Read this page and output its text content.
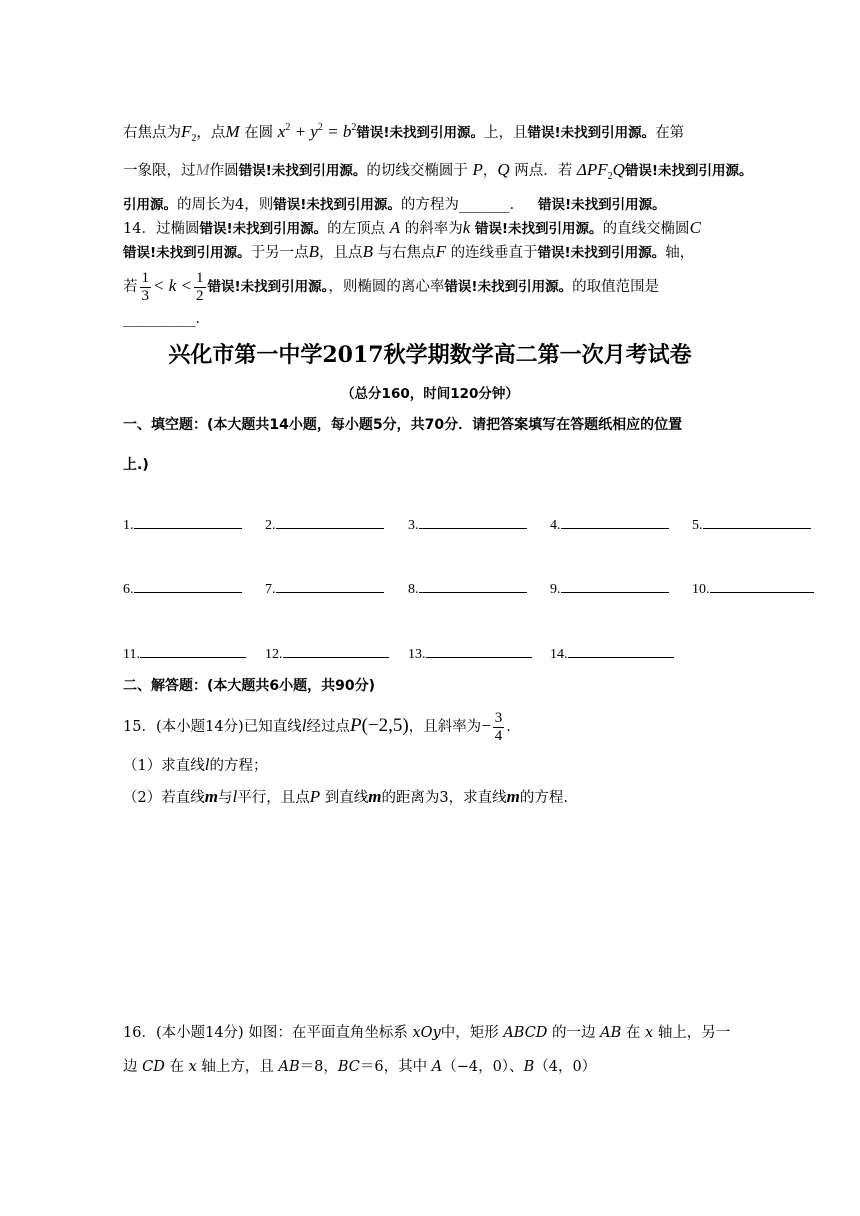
右焦点为$F_2$，点M 在圆 $x^2 + y^2 = b^2$错误!未找到引用源。上，且错误!未找到引用源。在第
一象限，过M作圆错误!未找到引用源。的切线交椭圆于 P，Q 两点．若 $\Delta PF_2Q$错误!未找到引用源。
引用源。的周长为4，则错误!未找到引用源。的方程为_______． 错误!未找到引用源。
14．过椭圆错误!未找到引用源。的左顶点 A 的斜率为k 错误!未找到引用源。的直线交椭圆C
错误!未找到引用源。于另一点B，且点B 与右焦点F 的连线垂直于错误!未找到引用源。轴，
若 $\frac{1}{3} < k < \frac{1}{2}$ 错误!未找到引用源。，则椭圆的离心率错误!未找到引用源。的取值范围是
__________．
兴化市第一中学2017秋学期数学高二第一次月考试卷
（总分160，时间120分钟）
一、填空题：(本大题共14小题，每小题5分，共70分．请把答案填写在答题纸相应的位置
上.)
1.	2.	3.	4.	5.
6.	7.	8.	9.	10.
11.	12.	13.	14.
二、解答题：(本大题共6小题，共90分)
15．(本小题14分)已知直线l经过点P(−2,5)，且斜率为− $\frac{3}{4}$ ．
（1）求直线l的方程；
（2）若直线m与l平行，且点P 到直线m的距离为3，求直线m的方程.
16．(本小题14分) 如图：在平面直角坐标系 xOy中，矩形 ABCD 的一边 AB 在 x 轴上，另一
边 CD 在 x 轴上方，且 AB＝8，BC＝6，其中 A（−4，0）、B（4，0）
